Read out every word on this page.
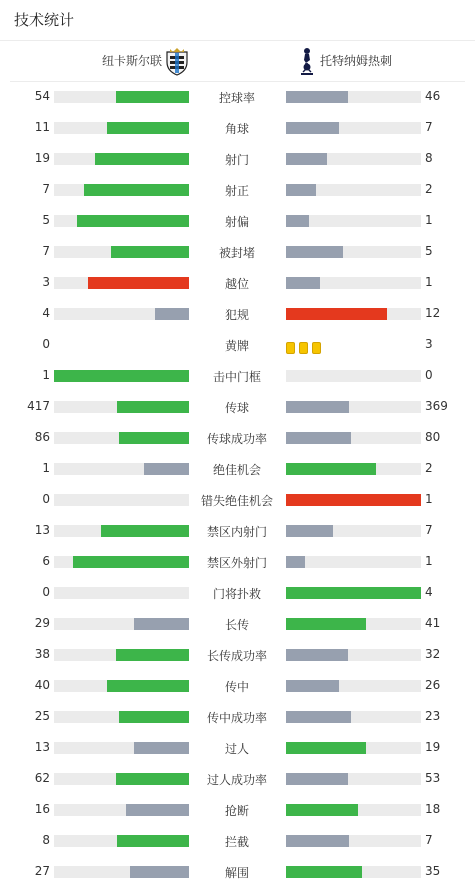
技术统计
纽卡斯尔联	托特纳姆热刺
54	控球率	46
11	角球	7
19	射门	8
7	射正	2
5	射偏	1
7	被封堵	5
3	越位	1
4	犯规	12
0	黄牌	3
1	击中门框	0
417	传球	369
86	传球成功率	80
1	绝佳机会	2
0	错失绝佳机会	1
13	禁区内射门	7
6	禁区外射门	1
0	门将扑救	4
29	长传	41
38	长传成功率	32
40	传中	26
25	传中成功率	23
13	过人	19
62	过人成功率	53
16	抢断	18
8	拦截	7
27	解围	35
